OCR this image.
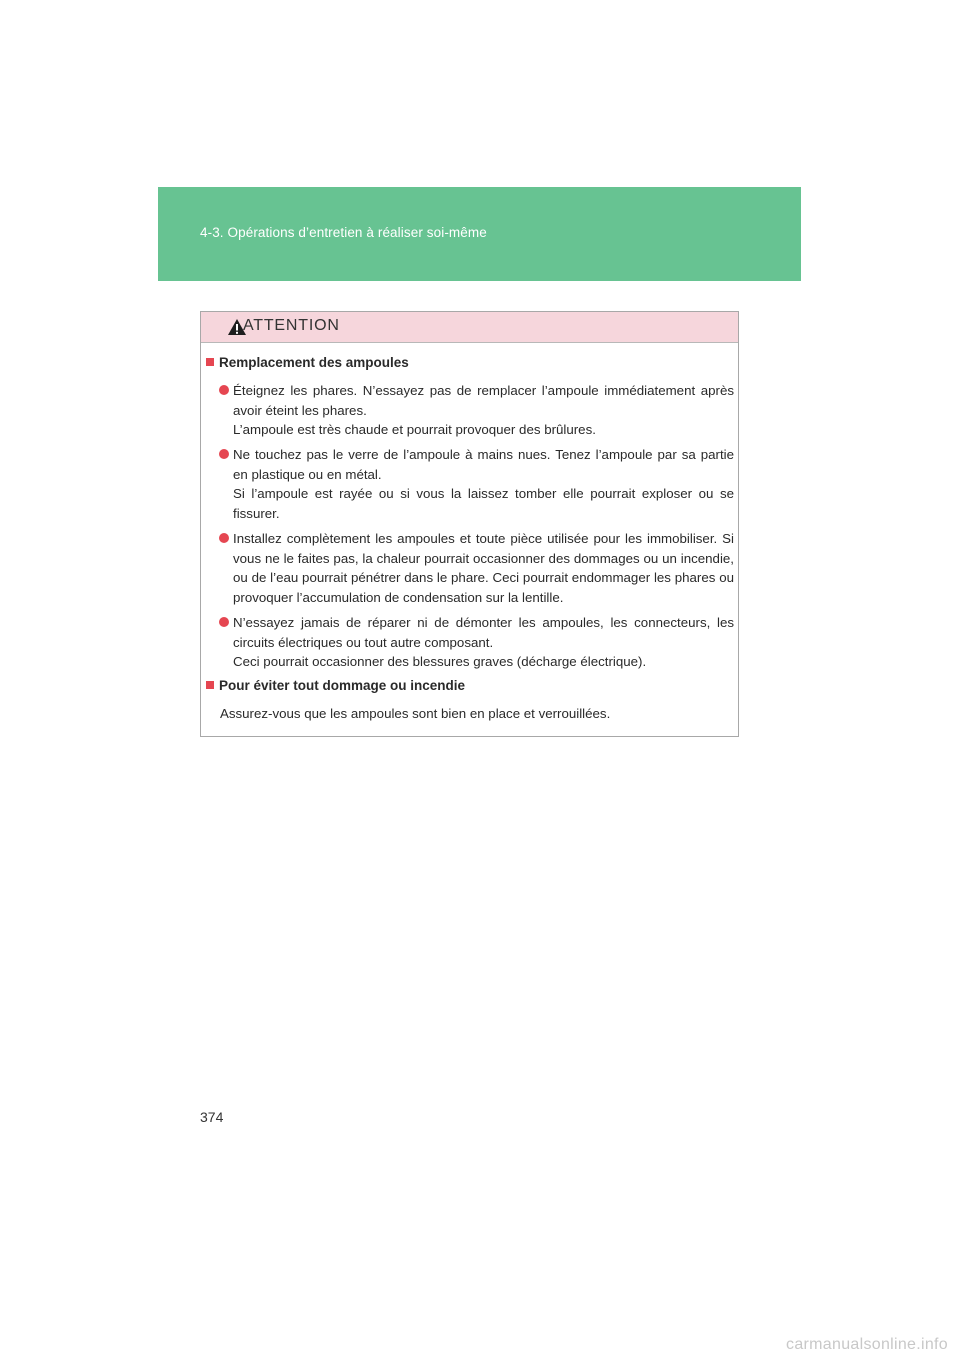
4-3. Opérations d’entretien à réaliser soi-même
ATTENTION
Remplacement des ampoules

Éteignez les phares. N’essayez pas de remplacer l’ampoule immédiatement après avoir éteint les phares.

L’ampoule est très chaude et pourrait provoquer des brûlures.

Ne touchez pas le verre de l’ampoule à mains nues. Tenez l’ampoule par sa partie en plastique ou en métal.

Si l’ampoule est rayée ou si vous la laissez tomber elle pourrait exploser ou se fissurer.

Installez complètement les ampoules et toute pièce utilisée pour les immobiliser. Si vous ne le faites pas, la chaleur pourrait occasionner des dommages ou un incendie, ou de l’eau pourrait pénétrer dans le phare. Ceci pourrait endommager les phares ou provoquer l’accumulation de condensation sur la lentille.

N’essayez jamais de réparer ni de démonter les ampoules, les connecteurs, les circuits électriques ou tout autre composant.

Ceci pourrait occasionner des blessures graves (décharge électrique).

Pour éviter tout dommage ou incendie
Assurez-vous que les ampoules sont bien en place et verrouillées.
374
carmanualsonline.info
